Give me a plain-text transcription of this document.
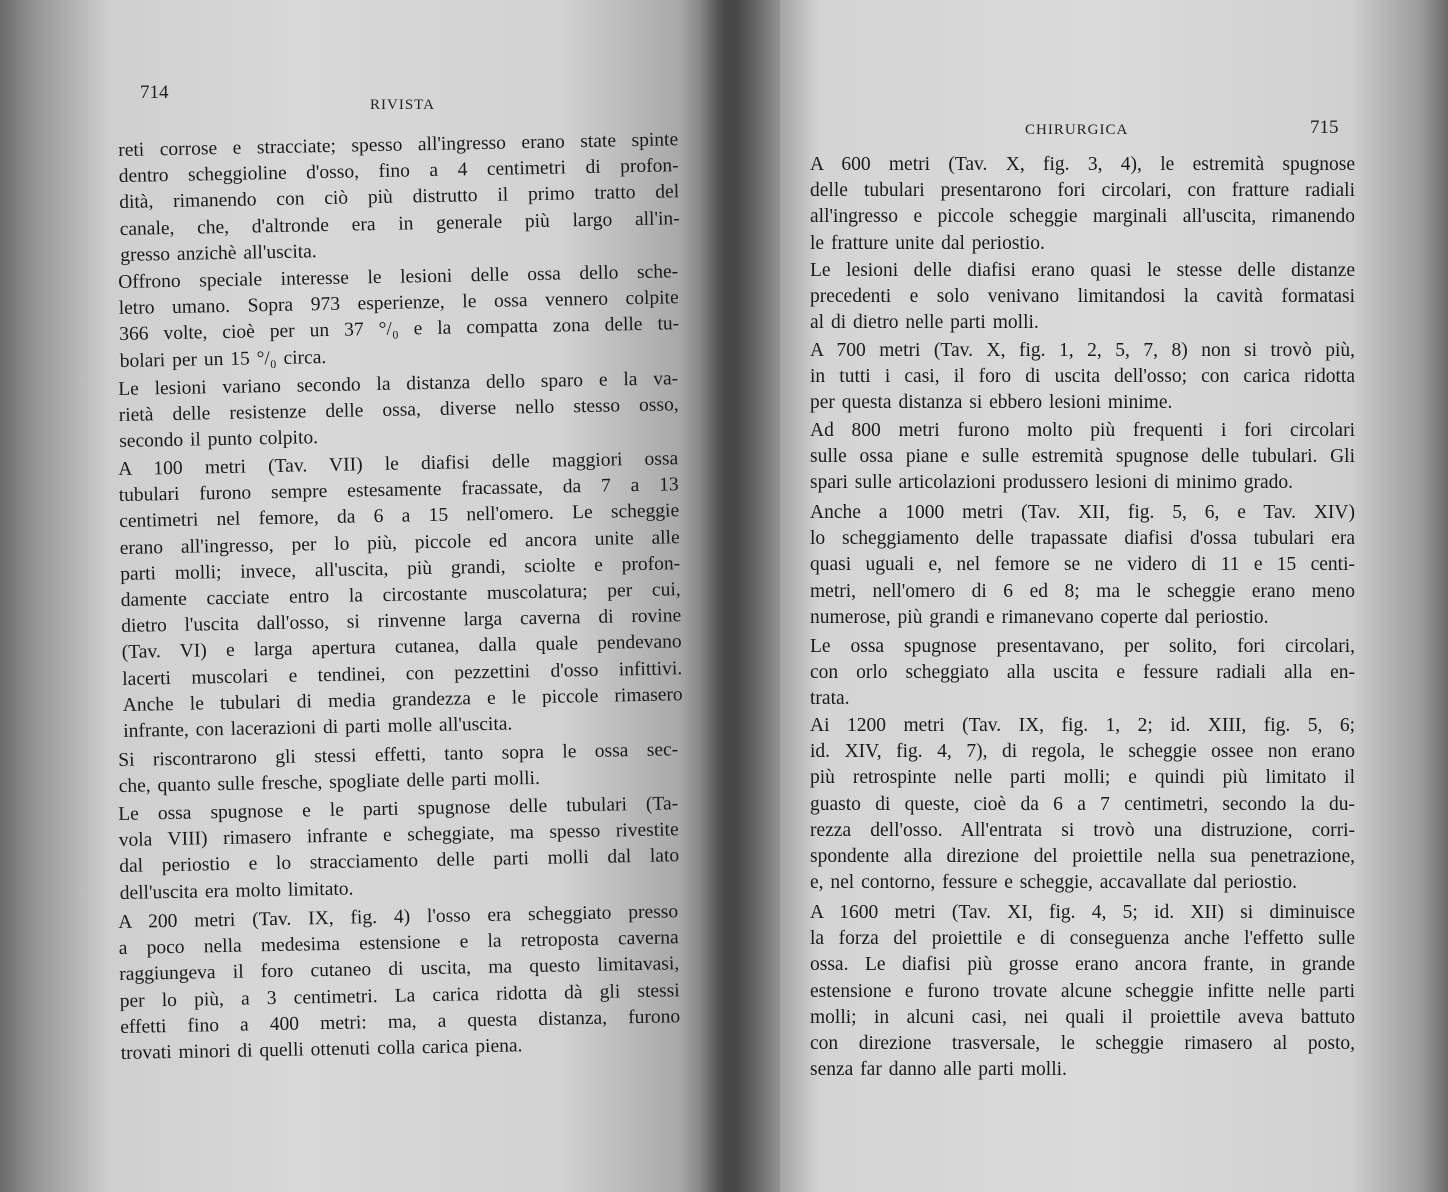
714
RIVISTA

reti corrose e stracciate; spesso all'ingresso erano state spinte
dentro scheggioline d'osso, fino a 4 centimetri di profon-
dità, rimanendo con ciò più distrutto il primo tratto del
canale, che, d'altronde era in generale più largo all'in-
gresso anzichè all'uscita.

Offrono speciale interesse le lesioni delle ossa dello sche-
letro umano. Sopra 973 esperienze, le ossa vennero colpite
366 volte, cioè per un 37 °/₀ e la compatta zona delle tu-
bolari per un 15 °/₀ circa.

Le lesioni variano secondo la distanza dello sparo e la va-
rietà delle resistenze delle ossa, diverse nello stesso osso,
secondo il punto colpito.

A 100 metri (Tav. VII) le diafisi delle maggiori ossa
tubulari furono sempre estesamente fracassate, da 7 a 13
centimetri nel femore, da 6 a 15 nell'omero. Le scheggie
erano all'ingresso, per lo più, piccole ed ancora unite alle
parti molli; invece, all'uscita, più grandi, sciolte e profon-
damente cacciate entro la circostante muscolatura; per cui,
dietro l'uscita dall'osso, si rinvenne larga caverna di rovine
(Tav. VI) e larga apertura cutanea, dalla quale pendevano
lacerti muscolari e tendinei, con pezzettini d'osso infittivi.
Anche le tubulari di media grandezza e le piccole rimasero
infrante, con lacerazioni di parti molle all'uscita.

Si riscontrarono gli stessi effetti, tanto sopra le ossa sec-
che, quanto sulle fresche, spogliate delle parti molli.

Le ossa spugnose e le parti spugnose delle tubulari (Ta-
vola VIII) rimasero infrante e scheggiate, ma spesso rivestite
dal periostio e lo stracciamento delle parti molli dal lato
dell'uscita era molto limitato.

A 200 metri (Tav. IX, fig. 4) l'osso era scheggiato presso
a poco nella medesima estensione e la retroposta caverna
raggiungeva il foro cutaneo di uscita, ma questo limitavasi,
per lo più, a 3 centimetri. La carica ridotta dà gli stessi
effetti fino a 400 metri: ma, a questa distanza, furono
trovati minori di quelli ottenuti colla carica piena.

CHIRURGICA	715

A 600 metri (Tav. X, fig. 3, 4), le estremità spugnose
delle tubulari presentarono fori circolari, con fratture radiali
all'ingresso e piccole scheggie marginali all'uscita, rimanendo
le fratture unite dal periostio.

Le lesioni delle diafisi erano quasi le stesse delle distanze
precedenti e solo venivano limitandosi la cavità formatasi
al di dietro nelle parti molli.

A 700 metri (Tav. X, fig. 1, 2, 5, 7, 8) non si trovò più,
in tutti i casi, il foro di uscita dell'osso; con carica ridotta
per questa distanza si ebbero lesioni minime.

Ad 800 metri furono molto più frequenti i fori circolari
sulle ossa piane e sulle estremità spugnose delle tubulari. Gli
spari sulle articolazioni produssero lesioni di minimo grado.

Anche a 1000 metri (Tav. XII, fig. 5, 6, e Tav. XIV)
lo scheggiamento delle trapassate diafisi d'ossa tubulari era
quasi uguali e, nel femore se ne videro di 11 e 15 centi-
metri, nell'omero di 6 ed 8; ma le scheggie erano meno
numerose, più grandi e rimanevano coperte dal periostio.

Le ossa spugnose presentavano, per solito, fori circolari,
con orlo scheggiato alla uscita e fessure radiali alla en-
trata.

Ai 1200 metri (Tav. IX, fig. 1, 2; id. XIII, fig. 5, 6;
id. XIV, fig. 4, 7), di regola, le scheggie ossee non erano
più retrospinte nelle parti molli; e quindi più limitato il
guasto di queste, cioè da 6 a 7 centimetri, secondo la du-
rezza dell'osso. All'entrata si trovò una distruzione, corri-
spondente alla direzione del proiettile nella sua penetrazione,
e, nel contorno, fessure e scheggie, accavallate dal periostio.

A 1600 metri (Tav. XI, fig. 4, 5; id. XII) si diminuisce
la forza del proiettile e di conseguenza anche l'effetto sulle
ossa. Le diafisi più grosse erano ancora frante, in grande
estensione e furono trovate alcune scheggie infitte nelle parti
molli; in alcuni casi, nei quali il proiettile aveva battuto
con direzione trasversale, le scheggie rimasero al posto,
senza far danno alle parti molli.
